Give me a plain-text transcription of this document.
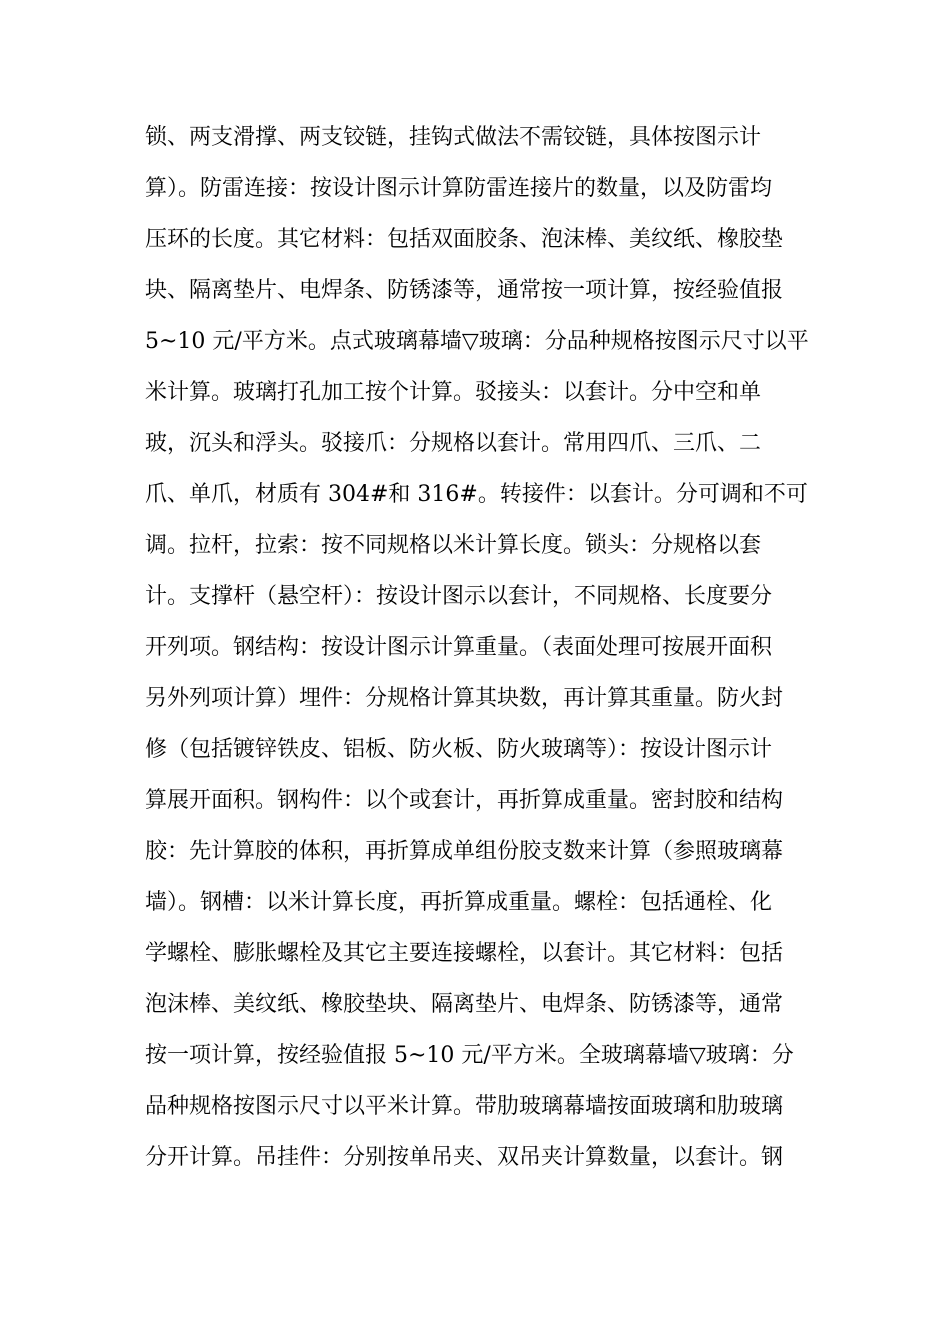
锁、两支滑撑、两支铰链，挂钩式做法不需铰链，具体按图示计
算）。防雷连接：按设计图示计算防雷连接片的数量，以及防雷均
压环的长度。其它材料：包括双面胶条、泡沫棒、美纹纸、橡胶垫
块、隔离垫片、电焊条、防锈漆等，通常按一项计算，按经验值报
5~10 元/平方米。点式玻璃幕墙▽玻璃：分品种规格按图示尺寸以平
米计算。玻璃打孔加工按个计算。驳接头：以套计。分中空和单
玻，沉头和浮头。驳接爪：分规格以套计。常用四爪、三爪、二
爪、单爪，材质有 304#和 316#。转接件：以套计。分可调和不可
调。拉杆，拉索：按不同规格以米计算长度。锁头：分规格以套
计。支撑杆（悬空杆）：按设计图示以套计，不同规格、长度要分
开列项。钢结构：按设计图示计算重量。（表面处理可按展开面积
另外列项计算）埋件：分规格计算其块数，再计算其重量。防火封
修（包括镀锌铁皮、铝板、防火板、防火玻璃等）：按设计图示计
算展开面积。钢构件：以个或套计，再折算成重量。密封胶和结构
胶：先计算胶的体积，再折算成单组份胶支数来计算（参照玻璃幕
墙）。钢槽：以米计算长度，再折算成重量。螺栓：包括通栓、化
学螺栓、膨胀螺栓及其它主要连接螺栓，以套计。其它材料：包括
泡沫棒、美纹纸、橡胶垫块、隔离垫片、电焊条、防锈漆等，通常
按一项计算，按经验值报 5~10 元/平方米。全玻璃幕墙▽玻璃：分
品种规格按图示尺寸以平米计算。带肋玻璃幕墙按面玻璃和肋玻璃
分开计算。吊挂件：分别按单吊夹、双吊夹计算数量，以套计。钢
